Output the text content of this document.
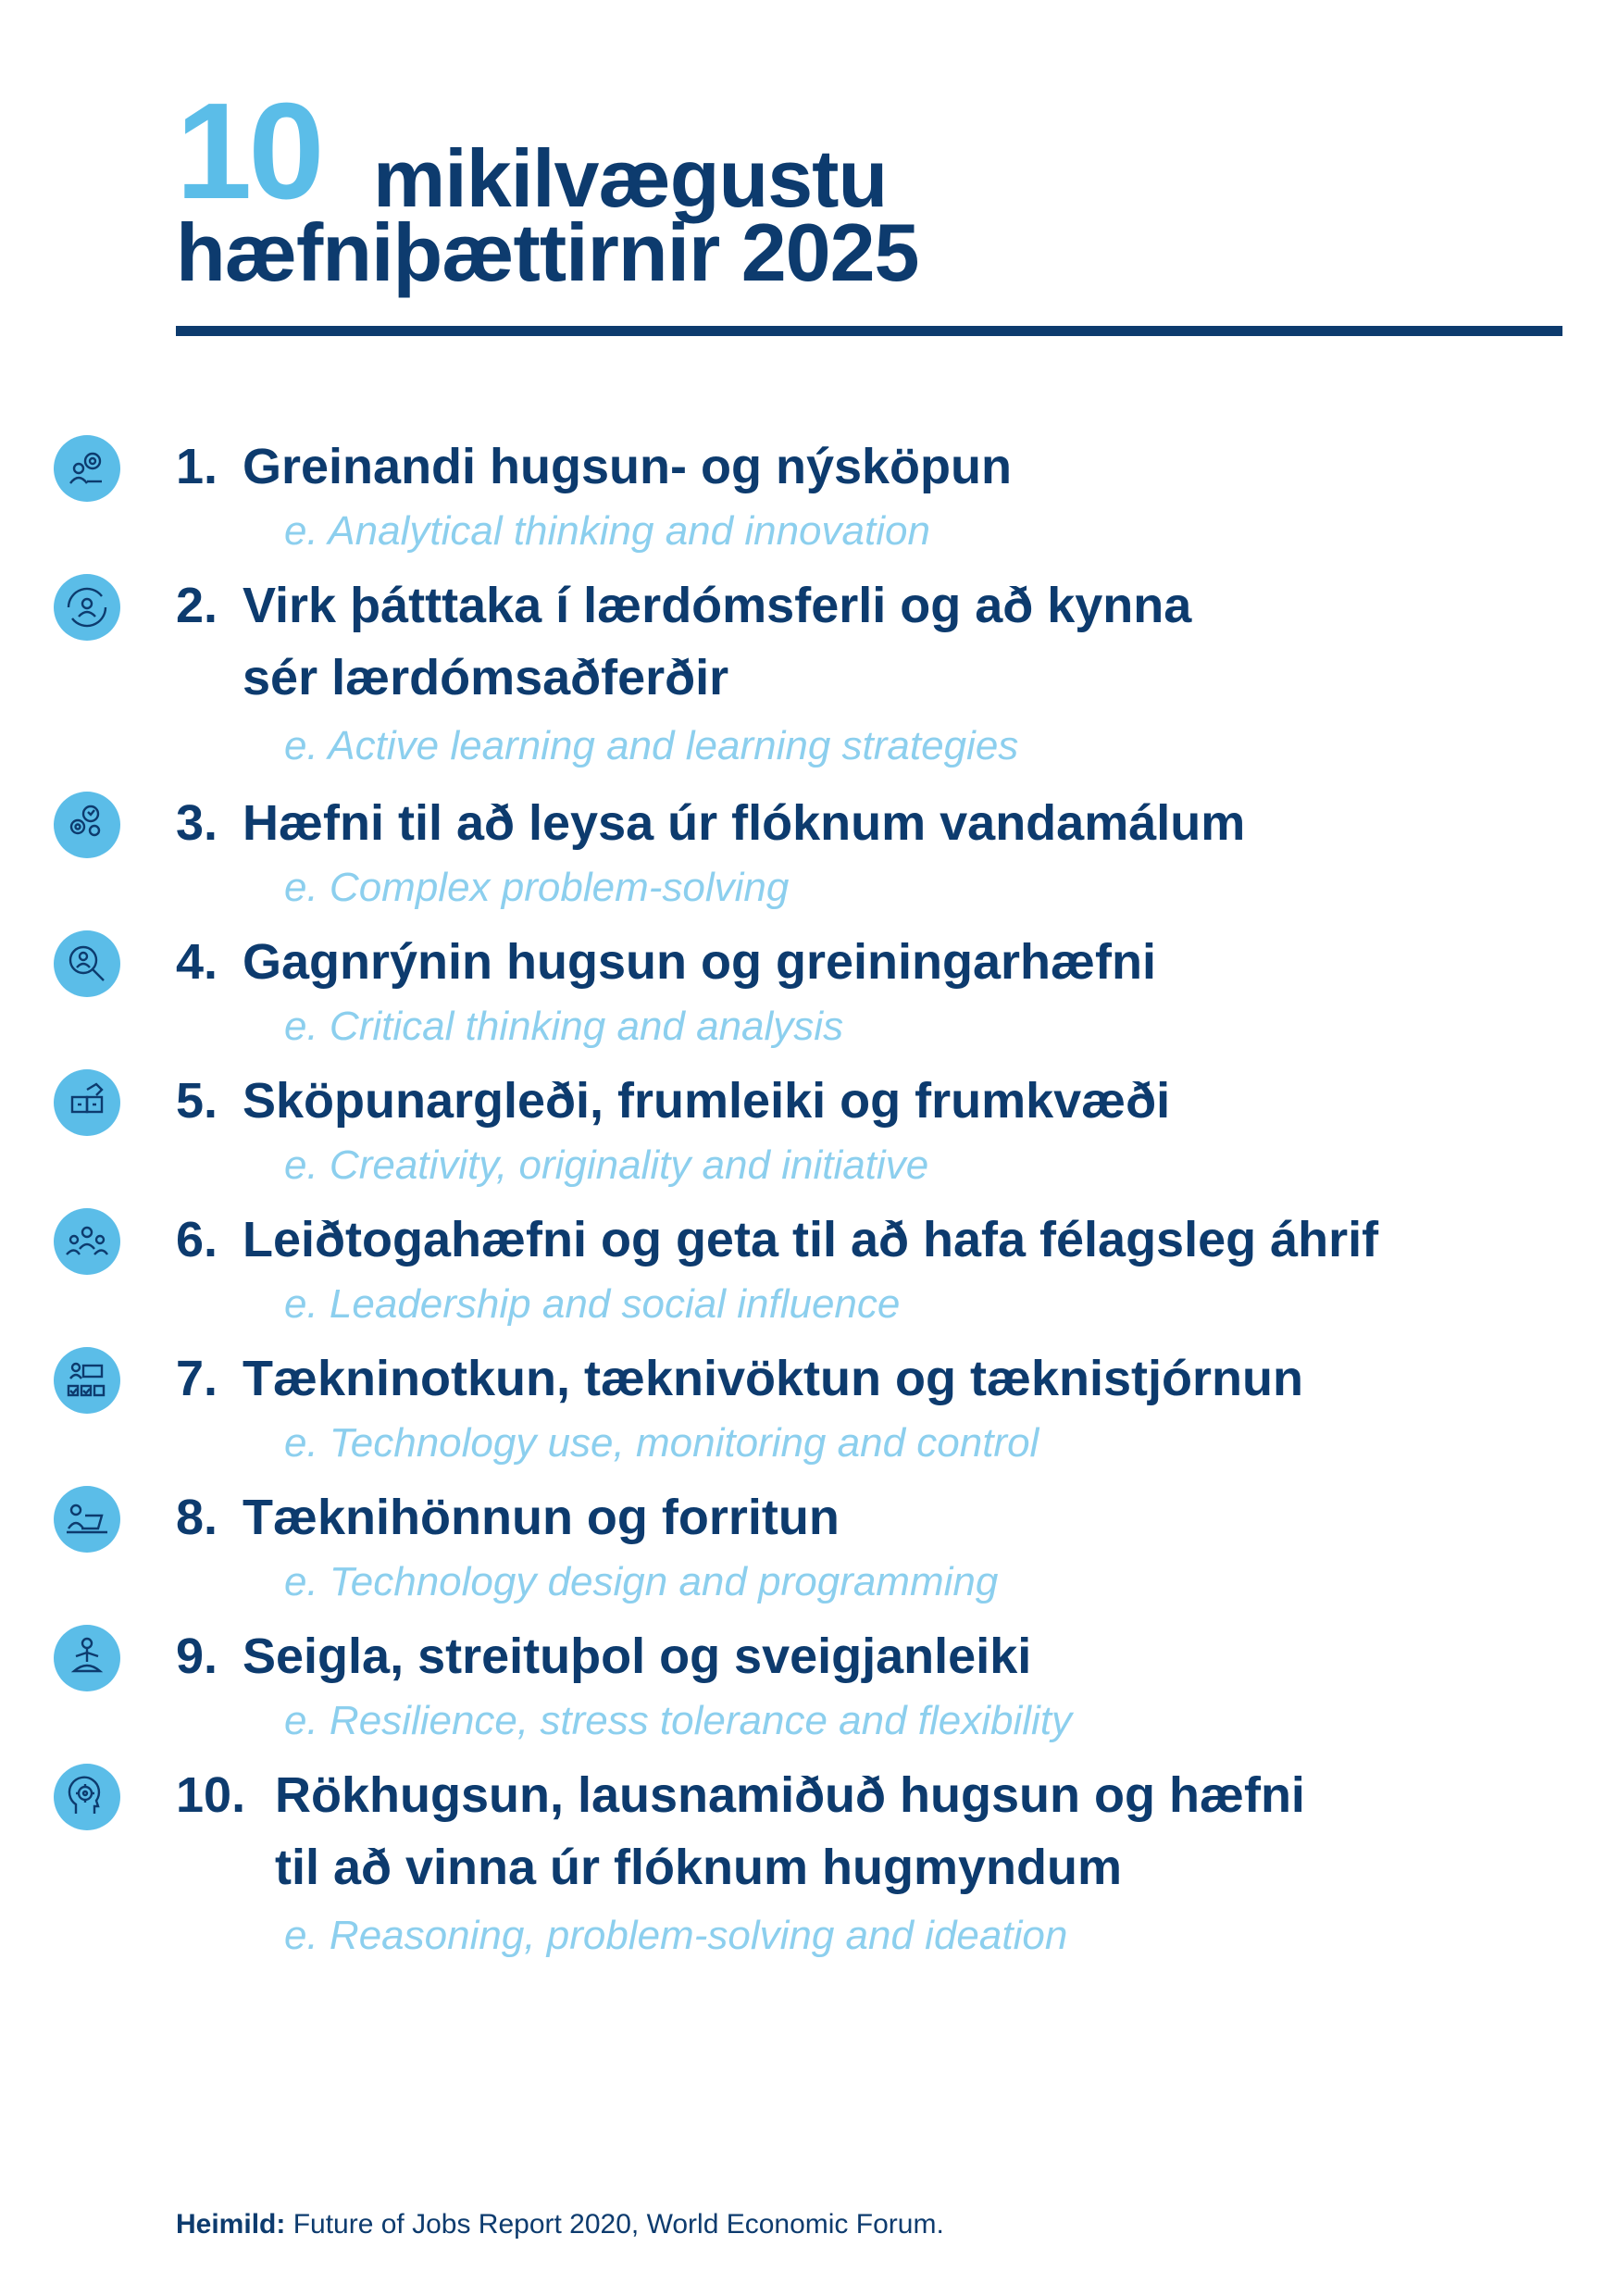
10 mikilvægustu
hæfniþættirnir 2025
1. Greinandi hugsun- og nýsköpun
e. Analytical thinking and innovation
2. Virk þátttaka í lærdómsferli og að kynna
sér lærdómsaðferðir
e. Active learning and learning strategies
3. Hæfni til að leysa úr flóknum vandamálum
e. Complex problem-solving
4. Gagnrýnin hugsun og greiningarhæfni
e. Critical thinking and analysis
5. Sköpunargleði, frumleiki og frumkvæði
e. Creativity, originality and initiative
6. Leiðtogahæfni og geta til að hafa félagsleg áhrif
e. Leadership and social influence
7. Tækninotkun, tæknivöktun og tæknistjórnun
e. Technology use, monitoring and control
8. Tæknihönnun og forritun
e. Technology design and programming
9. Seigla, streituþol og sveigjanleiki
e. Resilience, stress tolerance and flexibility
10. Rökhugsun, lausnamiðuð hugsun og hæfni
til að vinna úr flóknum hugmyndum
e. Reasoning, problem-solving and ideation
Heimild: Future of Jobs Report 2020, World Economic Forum.
